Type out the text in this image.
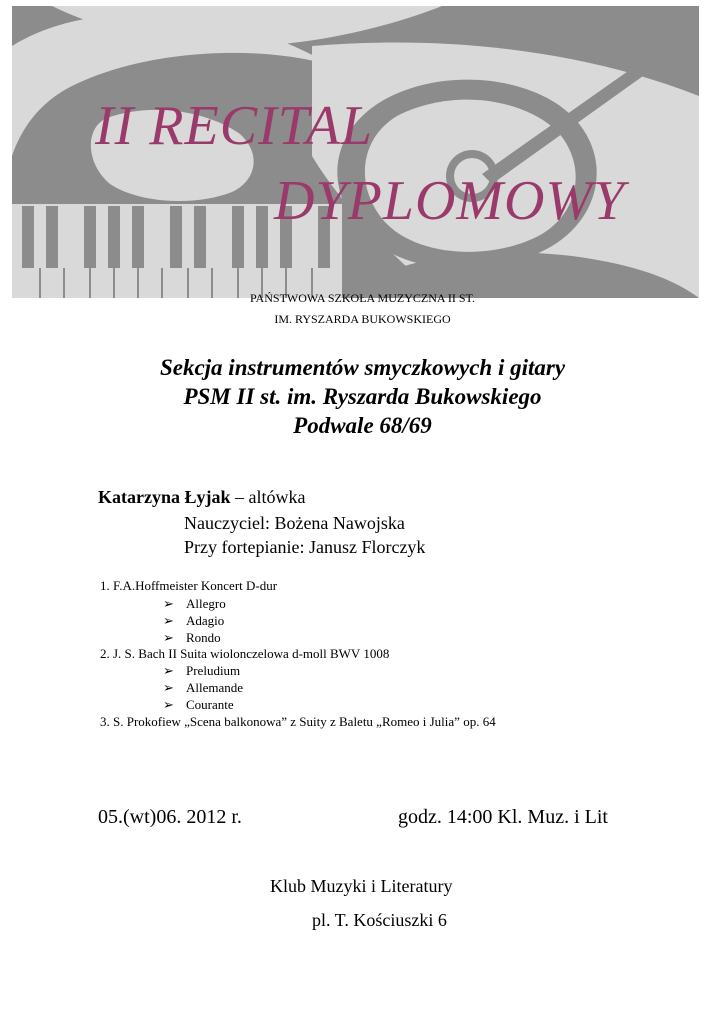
II RECITAL
DYPLOMOWY
PAŃSTWOWA SZKOŁA MUZYCZNA II ST.
IM. RYSZARDA BUKOWSKIEGO
Sekcja instrumentów smyczkowych i gitary
PSM II st. im. Ryszarda Bukowskiego
Podwale 68/69
Katarzyna Łyjak – altówka
Nauczyciel: Bożena Nawojska
Przy fortepianie: Janusz Florczyk
1. F.A.Hoffmeister Koncert D-dur
➢ Allegro
➢ Adagio
➢ Rondo
2. J. S. Bach II Suita wiolonczelowa d-moll BWV 1008
➢ Preludium
➢ Allemande
➢ Courante
3. S. Prokofiew „Scena balkonowa” z Suity z Baletu „Romeo i Julia” op. 64
05.(wt)06. 2012 r.	godz. 14:00 Kl. Muz. i Lit
Klub Muzyki i Literatury
pl. T. Kościuszki 6
